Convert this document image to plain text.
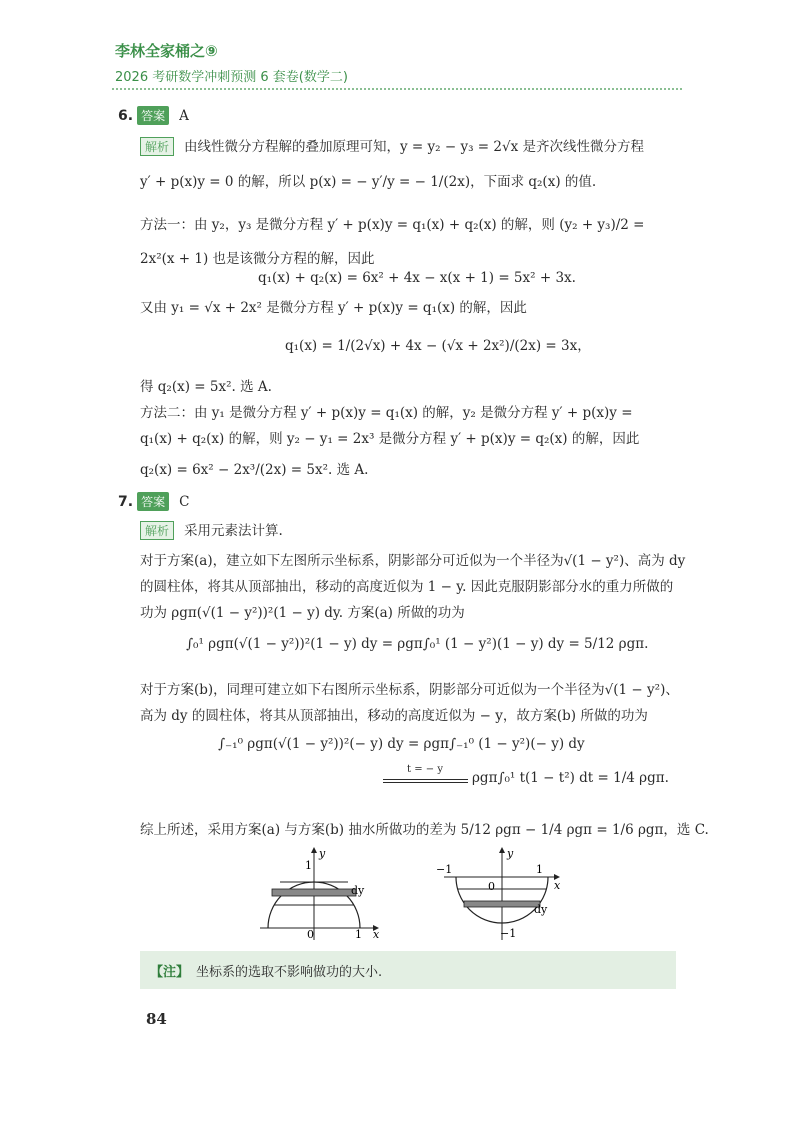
李林全家桶之⑨
2026 考研数学冲刺预测 6 套卷(数学二)
6. 答案 A
解析 由线性微分方程解的叠加原理可知，y = y₂ − y₃ = 2√x 是齐次线性微分方程
y′ + p(x)y = 0 的解，所以 p(x) = − y′/y = − 1/(2x)，下面求 q₂(x) 的值.
方法一：由 y₂，y₃ 是微分方程 y′ + p(x)y = q₁(x) + q₂(x) 的解，则 (y₂ + y₃)/2 =
2x²(x + 1) 也是该微分方程的解，因此
q₁(x) + q₂(x) = 6x² + 4x − x(x + 1) = 5x² + 3x.
又由 y₁ = √x + 2x² 是微分方程 y′ + p(x)y = q₁(x) 的解，因此
q₁(x) = 1/(2√x) + 4x − (√x + 2x²)/(2x) = 3x，
得 q₂(x) = 5x². 选 A.
方法二：由 y₁ 是微分方程 y′ + p(x)y = q₁(x) 的解，y₂ 是微分方程 y′ + p(x)y =
q₁(x) + q₂(x) 的解，则 y₂ − y₁ = 2x³ 是微分方程 y′ + p(x)y = q₂(x) 的解，因此
q₂(x) = 6x² − 2x³/(2x) = 5x². 选 A.
7. 答案 C
解析 采用元素法计算.
对于方案(a)，建立如下左图所示坐标系，阴影部分可近似为一个半径为√(1 − y²)、高为 dy
的圆柱体，将其从顶部抽出，移动的高度近似为 1 − y. 因此克服阴影部分水的重力所做的
功为 ρgπ(√(1 − y²))²(1 − y) dy. 方案(a) 所做的功为
∫₀¹ ρgπ(√(1 − y²))²(1 − y) dy = ρgπ∫₀¹ (1 − y²)(1 − y) dy = 5/12 ρgπ.
对于方案(b)，同理可建立如下右图所示坐标系，阴影部分可近似为一个半径为√(1 − y²)、
高为 dy 的圆柱体，将其从顶部抽出，移动的高度近似为 − y，故方案(b) 所做的功为
∫₋₁⁰ ρgπ(√(1 − y²))²(− y) dy = ρgπ∫₋₁⁰ (1 − y²)(− y) dy
t = − y
ρgπ∫₀¹ t(1 − t²) dt = 1/4 ρgπ.
综上所述，采用方案(a) 与方案(b) 抽水所做功的差为 5/12 ρgπ − 1/4 ρgπ = 1/6 ρgπ，选 C.
1
y
0	1 x
dy
−1	1
0
y
x
dy
−1
【注】 坐标系的选取不影响做功的大小.
84
